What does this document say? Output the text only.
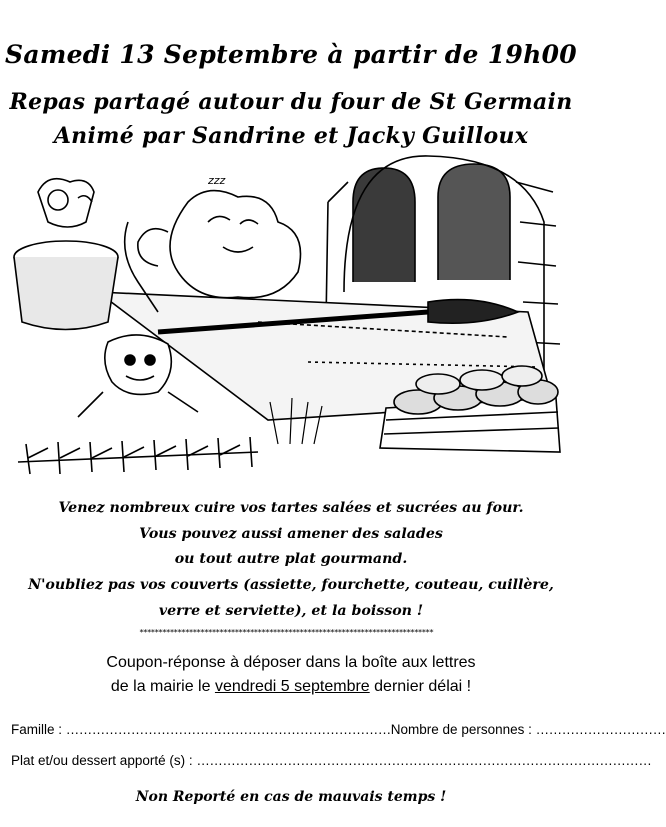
Samedi 13 Septembre à partir de 19h00
Repas partagé autour du four de St Germain
Animé par Sandrine et Jacky Guilloux
zzz
Venez nombreux cuire vos tartes salées et sucrées au four.
Vous pouvez aussi amener des salades
ou tout autre plat gourmand.
N'oubliez pas vos couverts (assiette, fourchette, couteau, cuillère,
verre et serviette), et la boisson !
*****************************************************************************
Coupon-réponse à déposer dans la boîte aux lettres
de la mairie le vendredi 5 septembre dernier délai !
Famille : …………………………………………………………………Nombre de personnes : …………………………
Plat et/ou dessert apporté (s) : ……………………………………………………………………………………………
Non Reporté en cas de mauvais temps !
